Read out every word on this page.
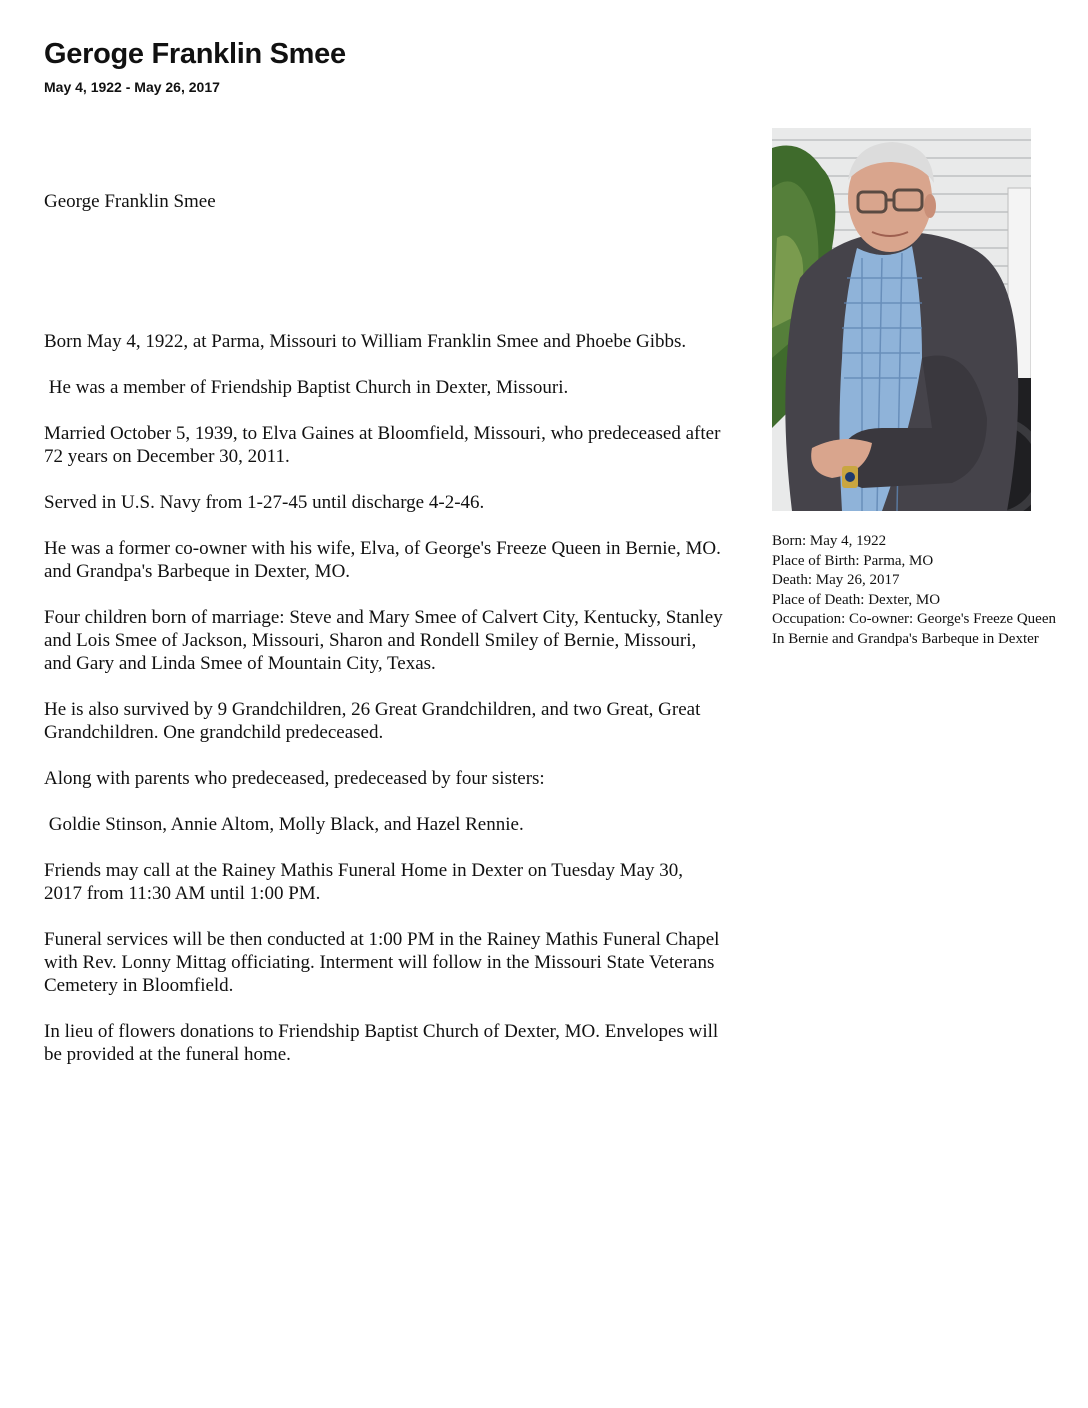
Geroge Franklin Smee
May 4, 1922 - May 26, 2017
George Franklin Smee

Born May 4, 1922, at Parma, Missouri to William Franklin Smee and Phoebe Gibbs.

He was a member of Friendship Baptist Church in Dexter, Missouri.

Married October 5, 1939, to Elva Gaines at Bloomfield, Missouri, who predeceased after 72 years on December 30, 2011.

Served in U.S. Navy from 1-27-45 until discharge 4-2-46.

He was a former co-owner with his wife, Elva, of George's Freeze Queen in Bernie, MO.  and Grandpa's Barbeque in Dexter, MO.

Four children born of marriage: Steve and Mary Smee of Calvert City, Kentucky, Stanley and Lois Smee of Jackson, Missouri, Sharon and Rondell Smiley of Bernie, Missouri, and Gary and Linda Smee of Mountain City, Texas.

He is also survived by 9 Grandchildren, 26 Great Grandchildren, and two Great, Great Grandchildren. One grandchild predeceased.

Along with parents who predeceased, predeceased by four sisters:

Goldie Stinson, Annie Altom, Molly Black, and Hazel Rennie.

Friends may call at the Rainey Mathis Funeral Home in Dexter on Tuesday May 30, 2017 from 11:30 AM until 1:00 PM.

Funeral services will be then conducted at 1:00 PM in the Rainey Mathis Funeral Chapel with Rev. Lonny Mittag officiating. Interment will follow in the Missouri State Veterans Cemetery in Bloomfield.

In lieu of flowers donations to Friendship Baptist Church of Dexter, MO. Envelopes will be provided at the funeral home.

Born: May 4, 1922
Place of Birth: Parma, MO
Death: May 26, 2017
Place of Death: Dexter, MO
Occupation: Co-owner: George's Freeze Queen In Bernie and Grandpa's Barbeque in Dexter
